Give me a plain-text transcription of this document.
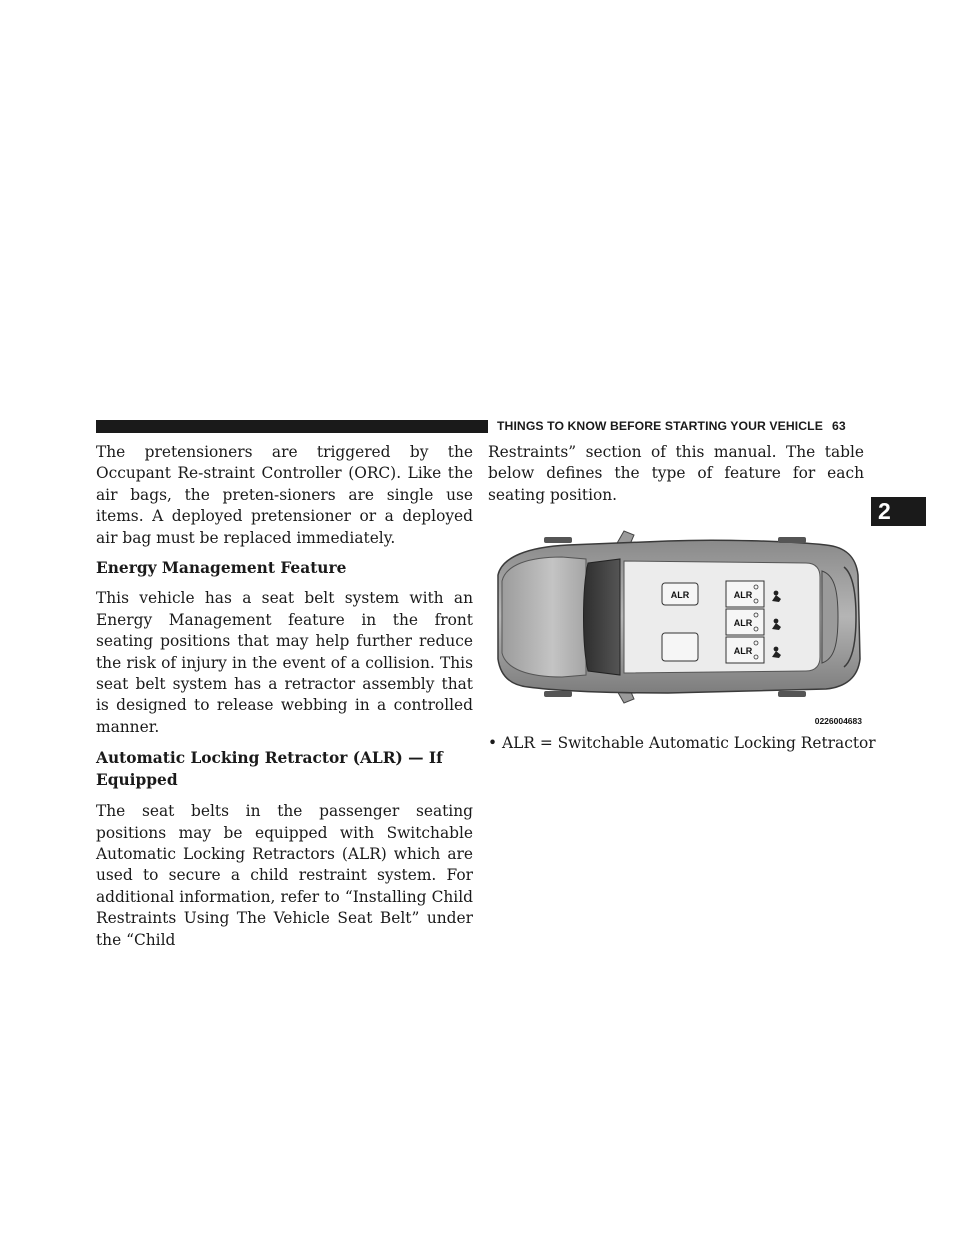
THINGS TO KNOW BEFORE STARTING YOUR VEHICLE 63
2

The pretensioners are triggered by the Occupant Re-straint Controller (ORC). Like the air bags, the preten-sioners are single use items. A deployed pretensioner or a deployed air bag must be replaced immediately.

Energy Management Feature

This vehicle has a seat belt system with an Energy Management feature in the front seating positions that may help further reduce the risk of injury in the event of a collision. This seat belt system has a retractor assembly that is designed to release webbing in a controlled manner.

Automatic Locking Retractor (ALR) — If Equipped

The seat belts in the passenger seating positions may be equipped with Switchable Automatic Locking Retractors (ALR) which are used to secure a child restraint system. For additional information, refer to “Installing Child Restraints Using The Vehicle Seat Belt” under the “Child

Restraints” section of this manual. The table below defines the type of feature for each seating position.

ALR	ALR
ALR
ALR
0226004683
• ALR = Switchable Automatic Locking Retractor
